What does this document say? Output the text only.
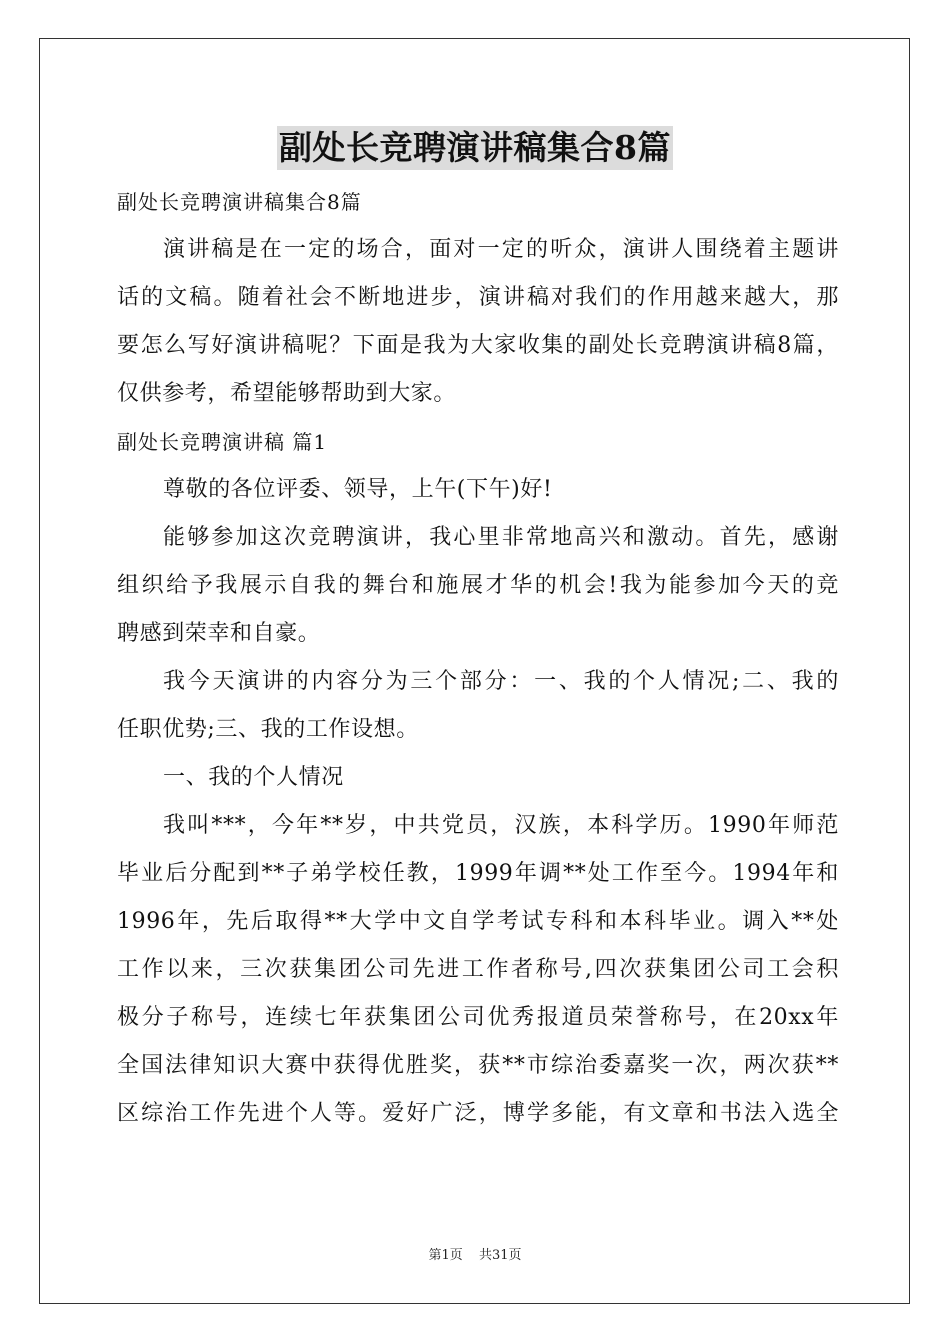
副处长竞聘演讲稿集合8篇
副处长竞聘演讲稿集合8篇
演讲稿是在一定的场合，面对一定的听众，演讲人围绕着主题讲
话的文稿。随着社会不断地进步，演讲稿对我们的作用越来越大，那
要怎么写好演讲稿呢？下面是我为大家收集的副处长竞聘演讲稿8篇，
仅供参考，希望能够帮助到大家。
副处长竞聘演讲稿 篇1
尊敬的各位评委、领导，上午(下午)好!
能够参加这次竞聘演讲，我心里非常地高兴和激动。首先，感谢
组织给予我展示自我的舞台和施展才华的机会!我为能参加今天的竞
聘感到荣幸和自豪。
我今天演讲的内容分为三个部分：一、我的个人情况;二、我的
任职优势;三、我的工作设想。
一、我的个人情况
我叫***，今年**岁，中共党员，汉族，本科学历。1990年师范
毕业后分配到**子弟学校任教，1999年调**处工作至今。1994年和
1996年，先后取得**大学中文自学考试专科和本科毕业。调入**处
工作以来，三次获集团公司先进工作者称号,四次获集团公司工会积
极分子称号，连续七年获集团公司优秀报道员荣誉称号，在20xx年
全国法律知识大赛中获得优胜奖，获**市综治委嘉奖一次，两次获**
区综治工作先进个人等。爱好广泛，博学多能，有文章和书法入选全
第1页 共31页
